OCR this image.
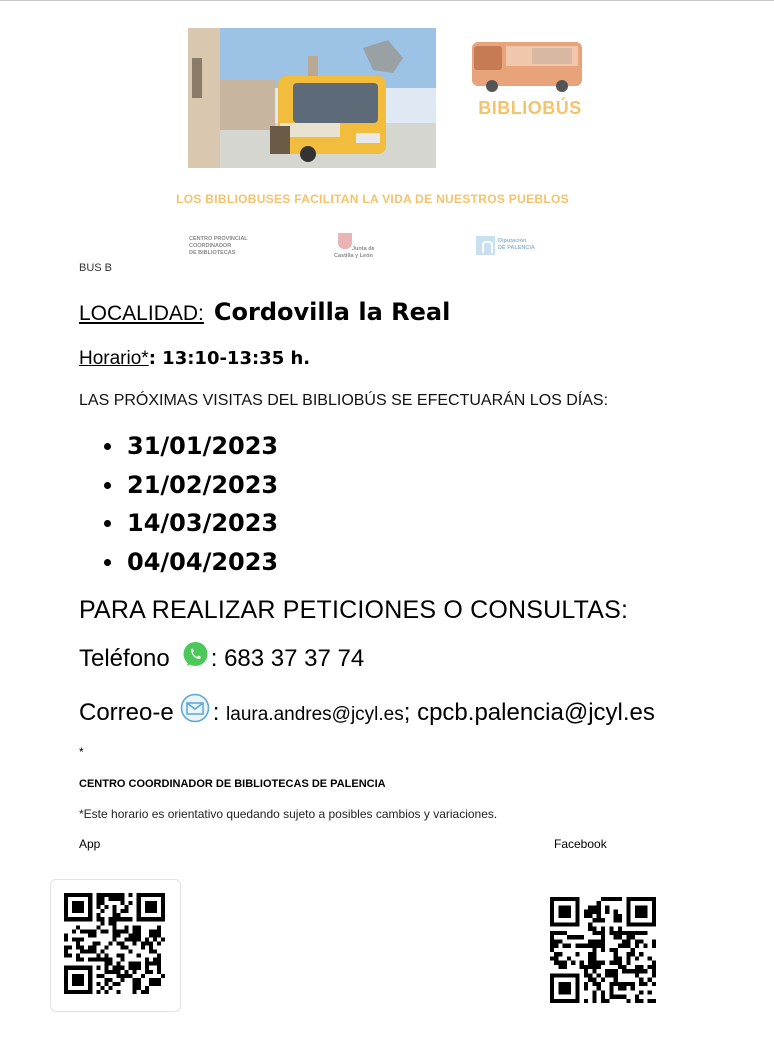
BIBLIOBÚS
LOS BIBLIOBUSES FACILITAN LA VIDA DE NUESTROS PUEBLOS
CENTRO PROVINCIAL
COORDINADOR
DE BIBLIOTECAS
Junta de
Castilla y León
Diputación
DE PALENCIA
BUS B
LOCALIDAD: Cordovilla la Real
Horario*: 13:10-13:35 h.
LAS PRÓXIMAS VISITAS DEL BIBLIOBÚS SE EFECTUARÁN LOS DÍAS:
31/01/2023
21/02/2023
14/03/2023
04/04/2023
PARA REALIZAR PETICIONES O CONSULTAS:
Teléfono : 683 37 37 74
Correo-e : laura.andres@jcyl.es; cpcb.palencia@jcyl.es
*
CENTRO COORDINADOR DE BIBLIOTECAS DE PALENCIA
*Este horario es orientativo quedando sujeto a posibles cambios y variaciones.
App	Facebook
